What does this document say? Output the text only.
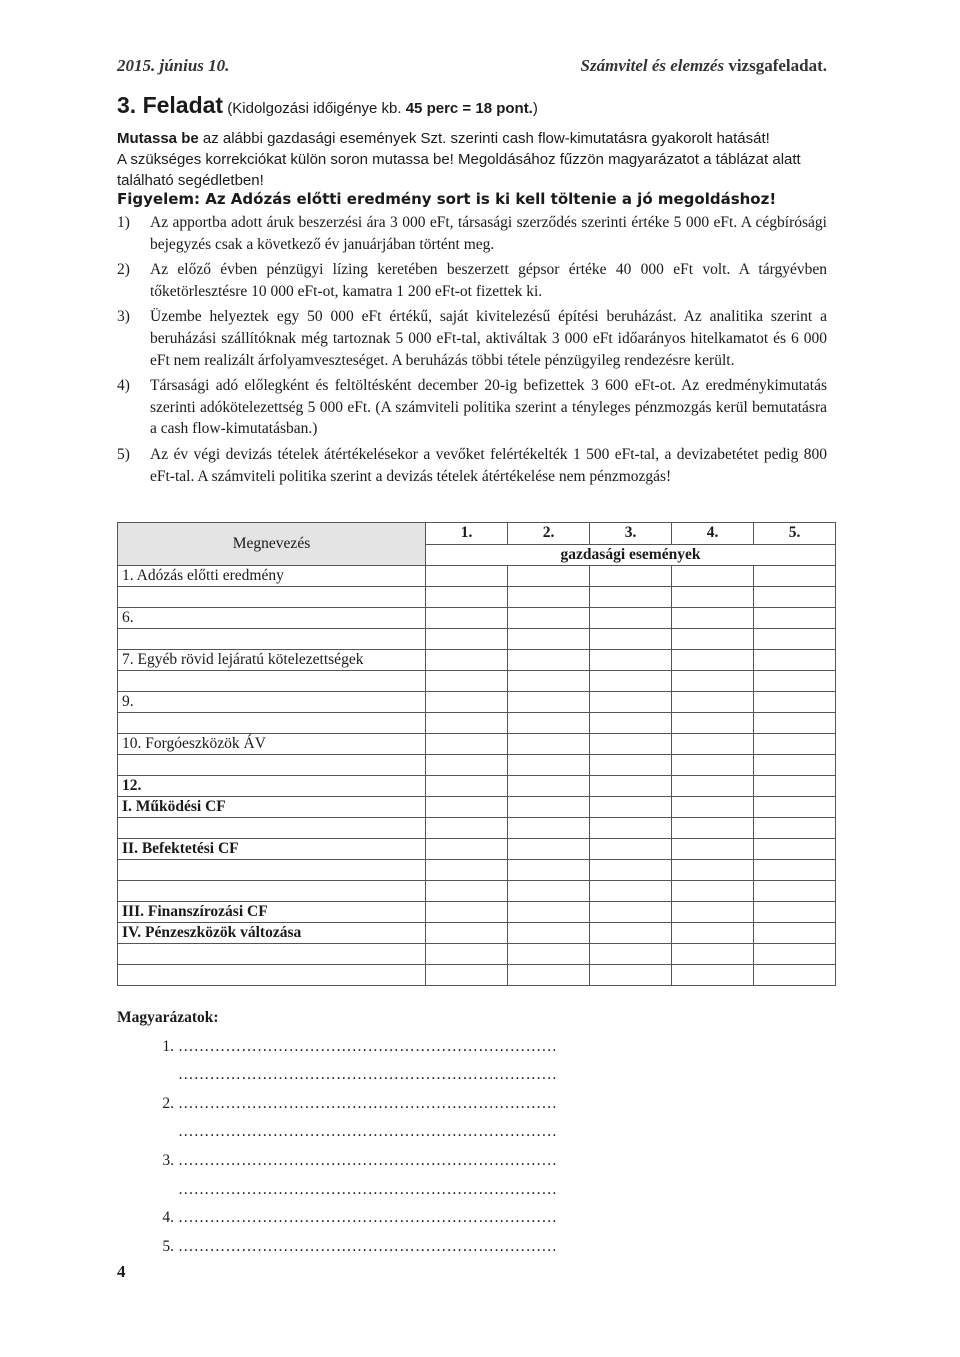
2015. június 10.	Számvitel és elemzés vizsgafeladat.
3. Feladat (Kidolgozási időigénye kb. 45 perc = 18 pont.)
Mutassa be az alábbi gazdasági események Szt. szerinti cash flow-kimutatásra gyakorolt hatását!
A szükséges korrekciókat külön soron mutassa be! Megoldásához fűzzön magyarázatot a táblázat alatt található segédletben!
Figyelem: Az Adózás előtti eredmény sort is ki kell töltenie a jó megoldáshoz!
1)	Az apportba adott áruk beszerzési ára 3 000 eFt, társasági szerződés szerinti értéke 5 000 eFt. A cégbírósági bejegyzés csak a következő év januárjában történt meg.
2)	Az előző évben pénzügyi lízing keretében beszerzett gépsor értéke 40 000 eFt volt. A tárgyévben tőketörlesztésre 10 000 eFt-ot, kamatra 1 200 eFt-ot fizettek ki.
3)	Üzembe helyeztek egy 50 000 eFt értékű, saját kivitelezésű építési beruházást. Az analitika szerint a beruházási szállítóknak még tartoznak 5 000 eFt-tal, aktiváltak 3 000 eFt időarányos hitelkamatot és 6 000 eFt nem realizált árfolyamveszteséget. A beruházás többi tétele pénzügyileg rendezésre került.
4)	Társasági adó előlegként és feltöltésként december 20-ig befizettek 3 600 eFt-ot. Az eredménykimutatás szerinti adókötelezettség 5 000 eFt. (A számviteli politika szerint a tényleges pénzmozgás kerül bemutatásra a cash flow-kimutatásban.)
5)	Az év végi devizás tételek átértékelésekor a vevőket felértékelték 1 500 eFt-tal, a devizabetétet pedig 800 eFt-tal. A számviteli politika szerint a devizás tételek átértékelése nem pénzmozgás!
Megnevezés	1.	2.	3.	4.	5.
	gazdasági események				
1. Adózás előtti eredmény					

6.					

7. Egyéb rövid lejáratú kötelezettségek					

9.					

10. Forgóeszközök ÁV					

12.					
I. Működési CF					

II. Befektetési CF					

III. Finanszírozási CF					
IV. Pénzeszközök változása					

Magyarázatok:
1. ………………………………………………………………
………………………………………………………………
2. ………………………………………………………………
………………………………………………………………
3. ………………………………………………………………
………………………………………………………………
4. ………………………………………………………………
5. ………………………………………………………………
4
